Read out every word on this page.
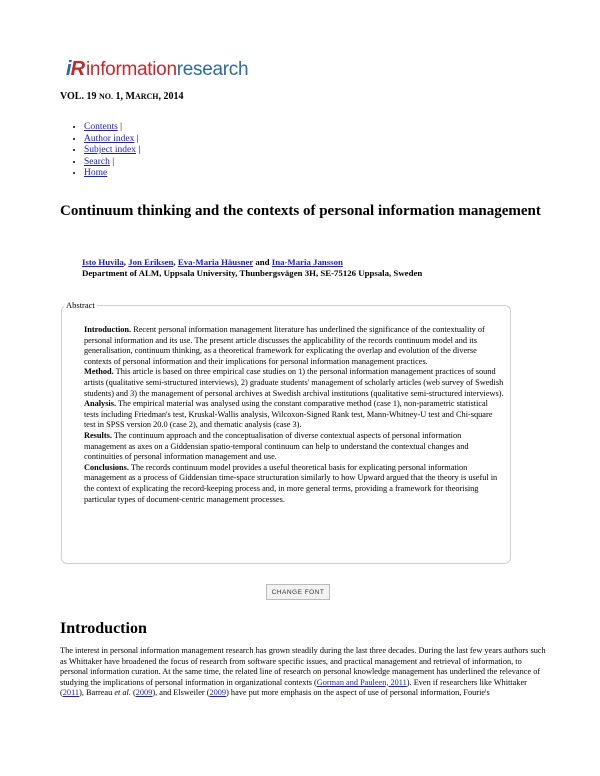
iR informationresearch
VOL. 19 NO. 1, MARCH, 2014
• Contents |
• Author index |
• Subject index |
• Search |
• Home
Continuum thinking and the contexts of personal information management
Isto Huvila, Jon Eriksen, Eva-Maria Häusner and Ina-Maria Jansson
Department of ALM, Uppsala University, Thunbergsvägen 3H, SE-75126 Uppsala, Sweden
Abstract
Introduction. Recent personal information management literature has underlined the significance of the contextuality of personal information and its use. The present article discusses the applicability of the records continuum model and its generalisation, continuum thinking, as a theoretical framework for explicating the overlap and evolution of the diverse contexts of personal information and their implications for personal information management practices.
Method. This article is based on three empirical case studies on 1) the personal information management practices of sound artists (qualitative semi-structured interviews), 2) graduate students' management of scholarly articles (web survey of Swedish students) and 3) the management of personal archives at Swedish archival institutions (qualitative semi-structured interviews).
Analysis. The empirical material was analysed using the constant comparative method (case 1), non-parametric statistical tests including Friedman's test, Kruskal-Wallis analysis, Wilcoxon-Signed Rank test, Mann-Whitney-U test and Chi-square test in SPSS version 20.0 (case 2), and thematic analysis (case 3).
Results. The continuum approach and the conceptualisation of diverse contextual aspects of personal information management as axes on a Giddensian spatio-temporal continuum can help to understand the contextual changes and continuities of personal information management and use.
Conclusions. The records continuum model provides a useful theoretical basis for explicating personal information management as a process of Giddensian time-space structuration similarly to how Upward argued that the theory is useful in the context of explicating the record-keeping process and, in more general terms, providing a framework for theorising particular types of document-centric management processes.
CHANGE FONT
Introduction

The interest in personal information management research has grown steadily during the last three decades. During the last few years authors such as Whittaker have broadened the focus of research from software specific issues, and practical management and retrieval of information, to personal information curation. At the same time, the related line of research on personal knowledge management has underlined the relevance of studying the implications of personal information in organizational contexts (Gorman and Pauleen, 2011). Even if researchers like Whittaker (2011), Barreau et al. (2009), and Elsweiler (2009) have put more emphasis on the aspect of use of personal information, Fourie's
